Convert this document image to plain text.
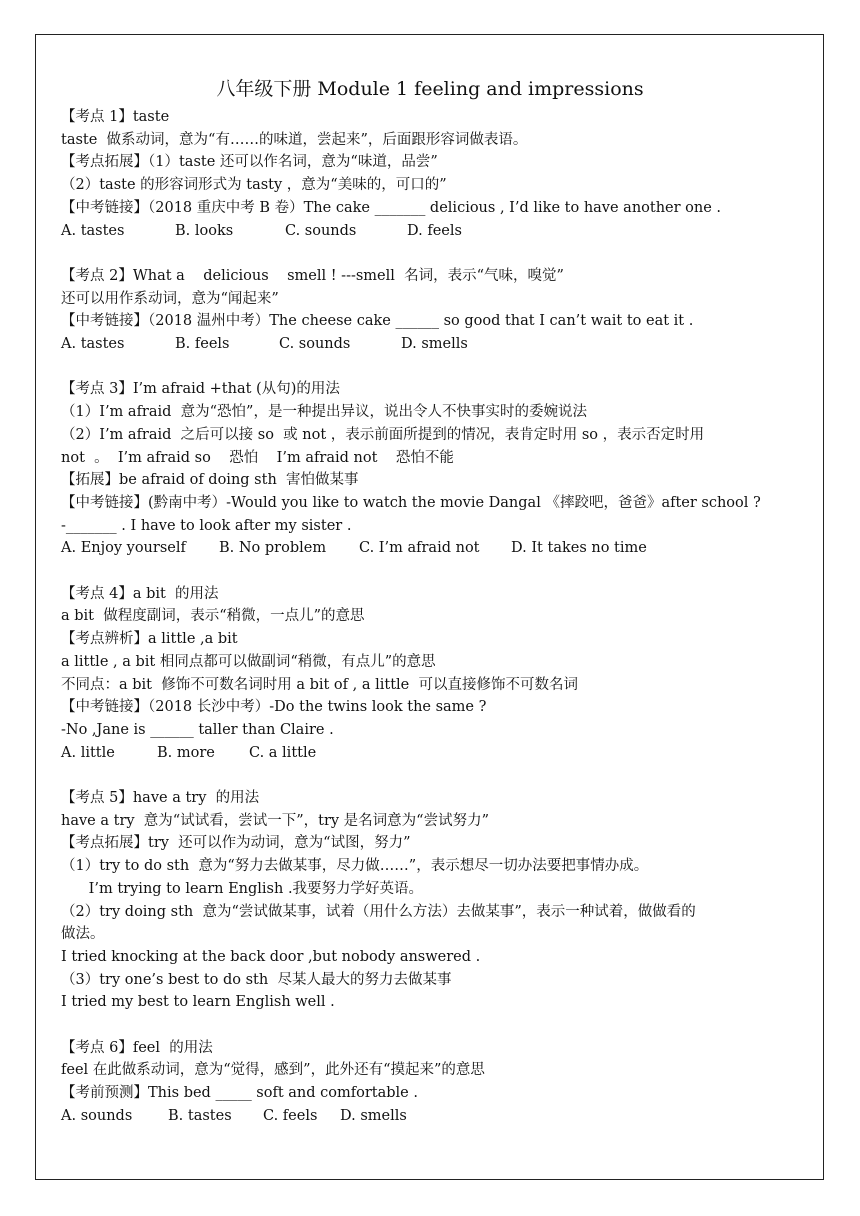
八年级下册 Module 1 feeling and impressions

【考点 1】taste

taste  做系动词，意为“有……的味道，尝起来”，后面跟形容词做表语。

【考点拓展】（1）taste 还可以作名词，意为“味道，品尝”

（2）taste 的形容词形式为 tasty ，意为“美味的，可口的”

【中考链接】（2018 重庆中考 B 卷）The cake _______ delicious , I’d like to have another one .

A. tastes	B. looks	C. sounds	D. feels

【考点 2】What a    delicious    smell ! ---smell  名词，表示“气味，嗅觉”

还可以用作系动词，意为“闻起来”

【中考链接】（2018 温州中考）The cheese cake ______ so good that I can’t wait to eat it .

A. tastes	B. feels	C. sounds	D. smells

【考点 3】I’m afraid +that (从句)的用法

（1）I’m afraid  意为“恐怕”，是一种提出异议，说出令人不快事实时的委婉说法

（2）I’m afraid  之后可以接 so  或 not ，表示前面所提到的情况，表肯定时用 so ，表示否定时用

not  。  I’m afraid so    恐怕    I’m afraid not    恐怕不能

【拓展】be afraid of doing sth  害怕做某事

【中考链接】(黔南中考）-Would you like to watch the movie Dangal 《摔跤吧，爸爸》after school ?

-_______ . I have to look after my sister .

A. Enjoy yourself	B. No problem	C. I’m afraid not	D. It takes no time

【考点 4】a bit  的用法

a bit  做程度副词，表示“稍微，一点儿”的意思

【考点辨析】a little ,a bit

a little , a bit 相同点都可以做副词“稍微，有点儿”的意思

不同点：a bit  修饰不可数名词时用 a bit of , a little  可以直接修饰不可数名词

【中考链接】（2018 长沙中考）-Do the twins look the same ?

-No ,Jane is ______ taller than Claire .

A. little	B. more	C. a little

【考点 5】have a try  的用法

have a try  意为“试试看，尝试一下”，try 是名词意为“尝试努力”

【考点拓展】try  还可以作为动词，意为“试图，努力”

（1）try to do sth  意为“努力去做某事，尽力做……”，表示想尽一切办法要把事情办成。

I’m trying to learn English .我要努力学好英语。

（2）try doing sth  意为“尝试做某事，试着（用什么方法）去做某事”，表示一种试着，做做看的

做法。

I tried knocking at the back door ,but nobody answered .

（3）try one’s best to do sth  尽某人最大的努力去做某事

I tried my best to learn English well .

【考点 6】feel  的用法

feel 在此做系动词，意为“觉得，感到”，此外还有“摸起来”的意思

【考前预测】This bed _____ soft and comfortable .

A. sounds	B. tastes	C. feels	D. smells
